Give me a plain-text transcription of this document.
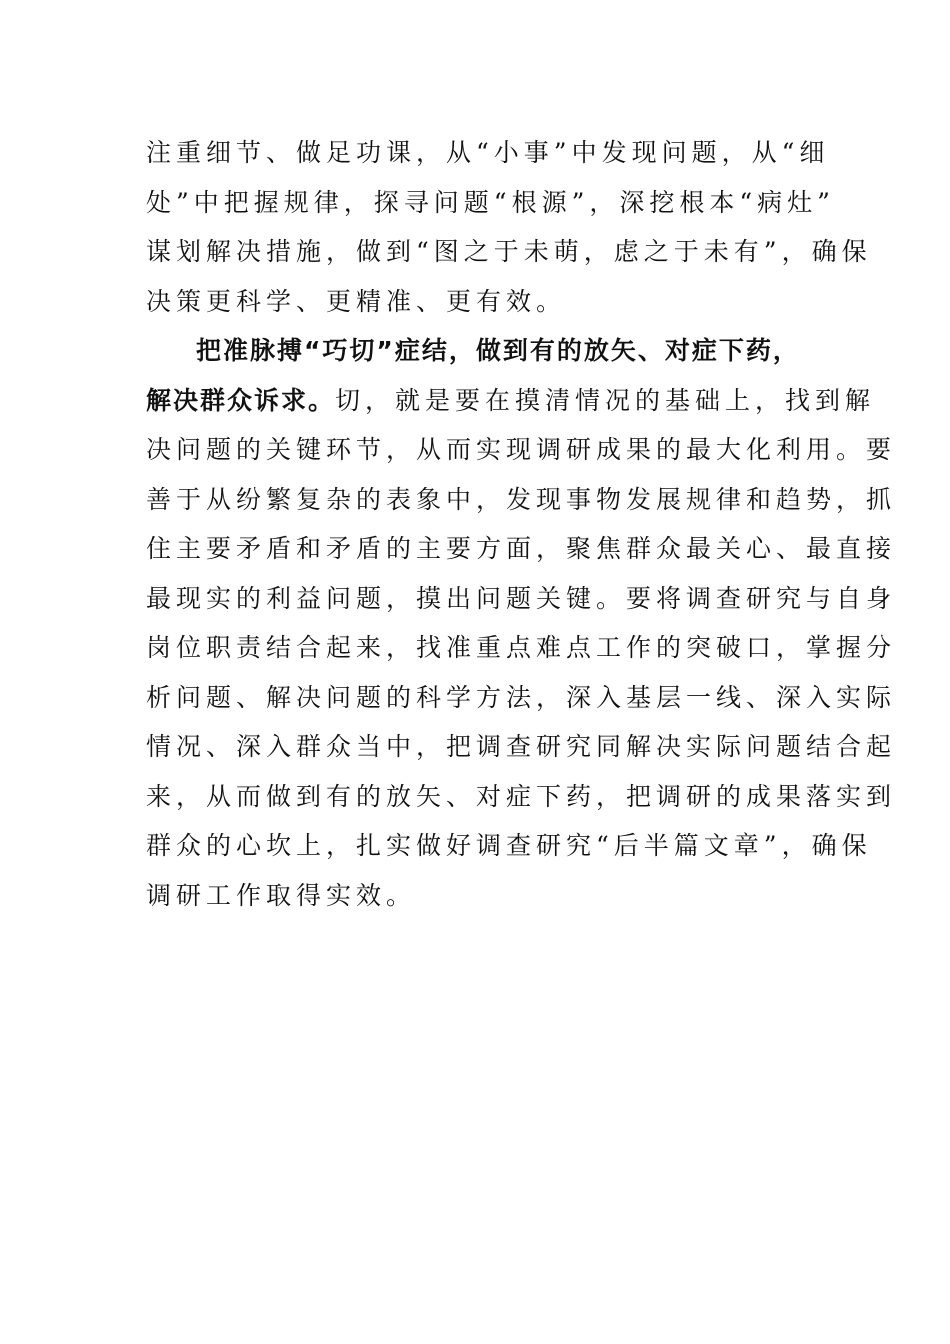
注重细节、做足功课，从“小事”中发现问题，从“细
处”中把握规律，探寻问题“根源”，深挖根本“病灶”
谋划解决措施，做到“图之于未萌，虑之于未有”，确保
决策更科学、更精准、更有效。
把准脉搏“巧切”症结，做到有的放矢、对症下药，
解决群众诉求。切，就是要在摸清情况的基础上，找到解
决问题的关键环节，从而实现调研成果的最大化利用。要
善于从纷繁复杂的表象中，发现事物发展规律和趋势，抓
住主要矛盾和矛盾的主要方面，聚焦群众最关心、最直接
最现实的利益问题，摸出问题关键。要将调查研究与自身
岗位职责结合起来，找准重点难点工作的突破口，掌握分
析问题、解决问题的科学方法，深入基层一线、深入实际
情况、深入群众当中，把调查研究同解决实际问题结合起
来，从而做到有的放矢、对症下药，把调研的成果落实到
群众的心坎上，扎实做好调查研究“后半篇文章”，确保
调研工作取得实效。
